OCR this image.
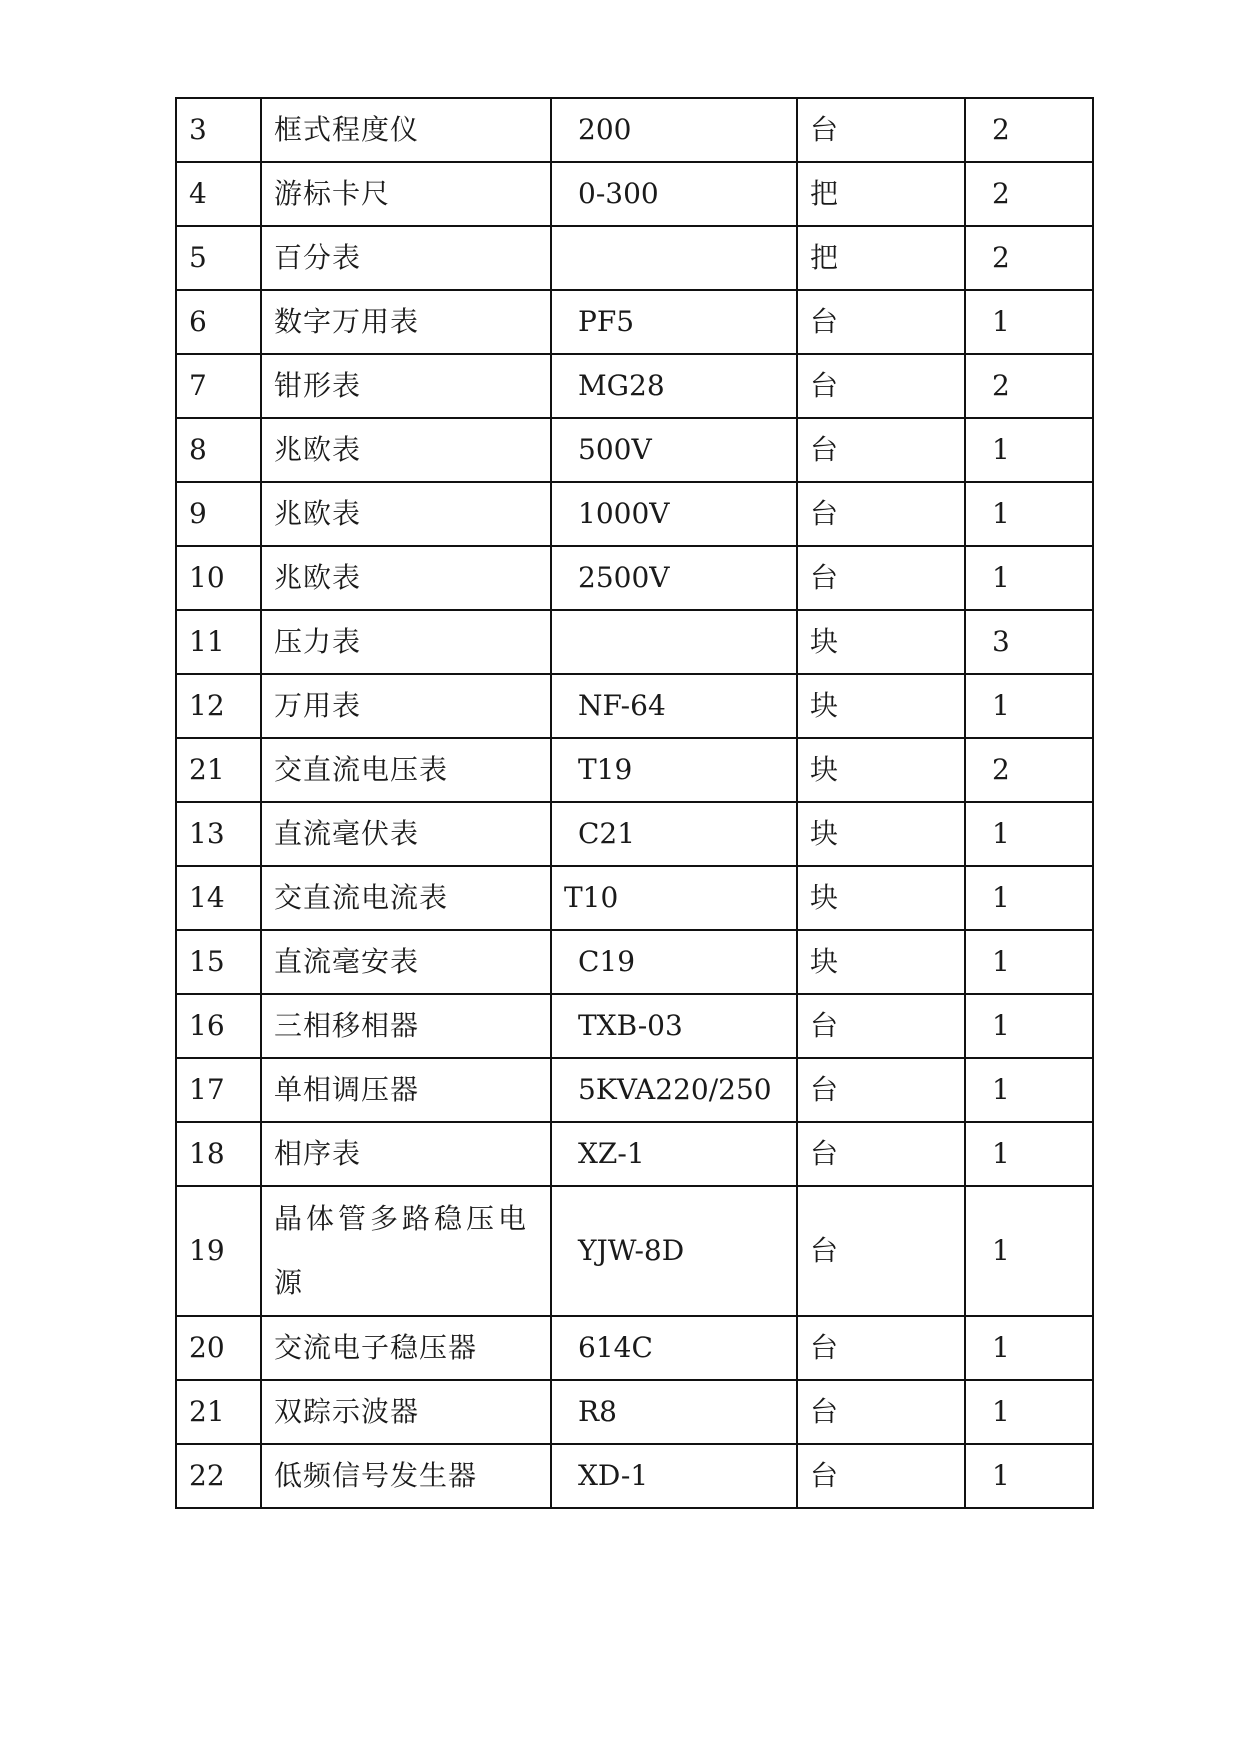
3	框式程度仪	200	台	2
4	游标卡尺	0-300	把	2
5	百分表		把	2
6	数字万用表	PF5	台	1
7	钳形表	MG28	台	2
8	兆欧表	500V	台	1
9	兆欧表	1000V	台	1
10	兆欧表	2500V	台	1
11	压力表		块	3
12	万用表	NF-64	块	1
21	交直流电压表	T19	块	2
13	直流毫伏表	C21	块	1
14	交直流电流表	T10	块	1
15	直流毫安表	C19	块	1
16	三相移相器	TXB-03	台	1
17	单相调压器	5KVA220/250	台	1
18	相序表	XZ-1	台	1
19	晶体管多路稳压电源	YJW-8D	台	1
20	交流电子稳压器	614C	台	1
21	双踪示波器	R8	台	1
22	低频信号发生器	XD-1	台	1
